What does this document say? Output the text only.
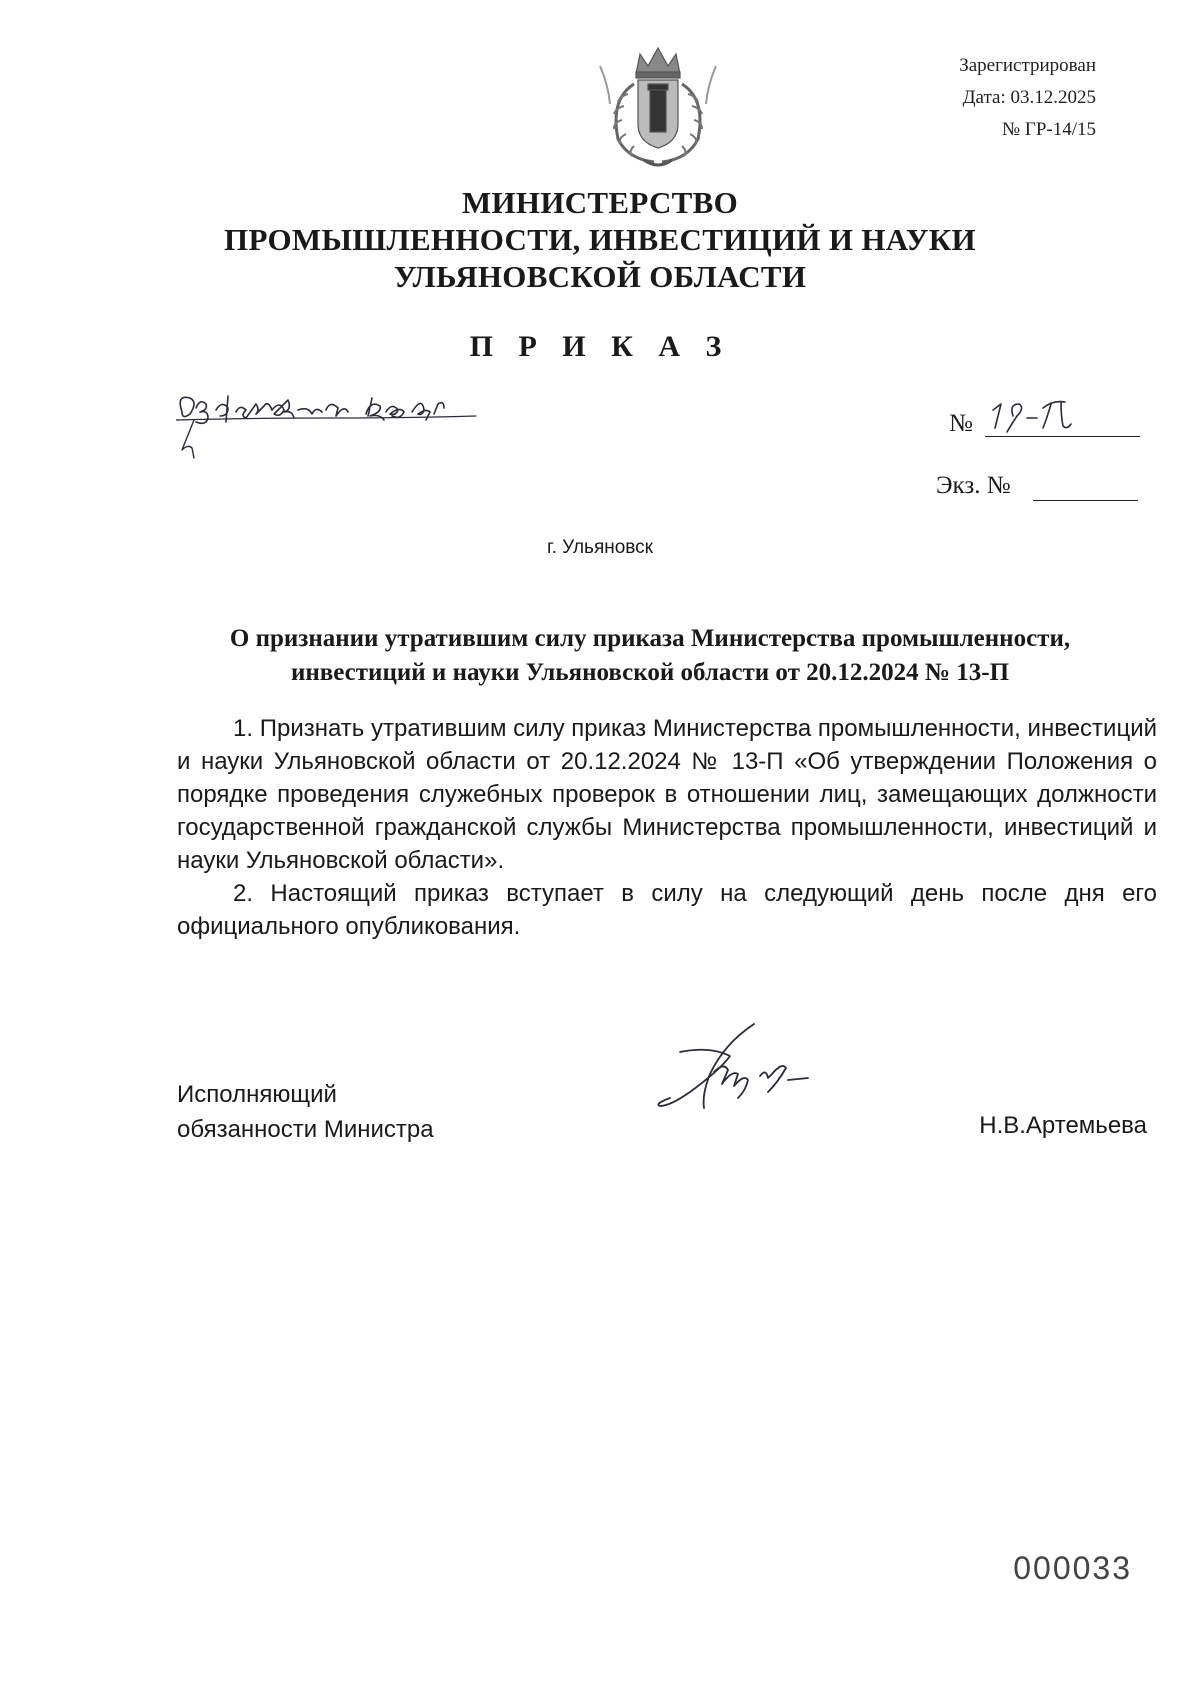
Зарегистрирован
Дата: 03.12.2025
№ ГР-14/15
МИНИСТЕРСТВО
ПРОМЫШЛЕННОСТИ, ИНВЕСТИЦИЙ И НАУКИ
УЛЬЯНОВСКОЙ ОБЛАСТИ
П Р И К А З
№
Экз. №
г. Ульяновск
О признании утратившим силу приказа Министерства промышленности,
инвестиций и науки Ульяновской области от 20.12.2024 № 13-П

1. Признать утратившим силу приказ Министерства промышленности, инвестиций и науки Ульяновской области от 20.12.2024 № 13-П «Об утверждении Положения о порядке проведения служебных проверок в отношении лиц, замещающих должности государственной гражданской службы Министерства промышленности, инвестиций и науки Ульяновской области».

2. Настоящий приказ вступает в силу на следующий день после дня его официального опубликования.

Исполняющий
обязанности Министра	Н.В.Артемьева
000033
